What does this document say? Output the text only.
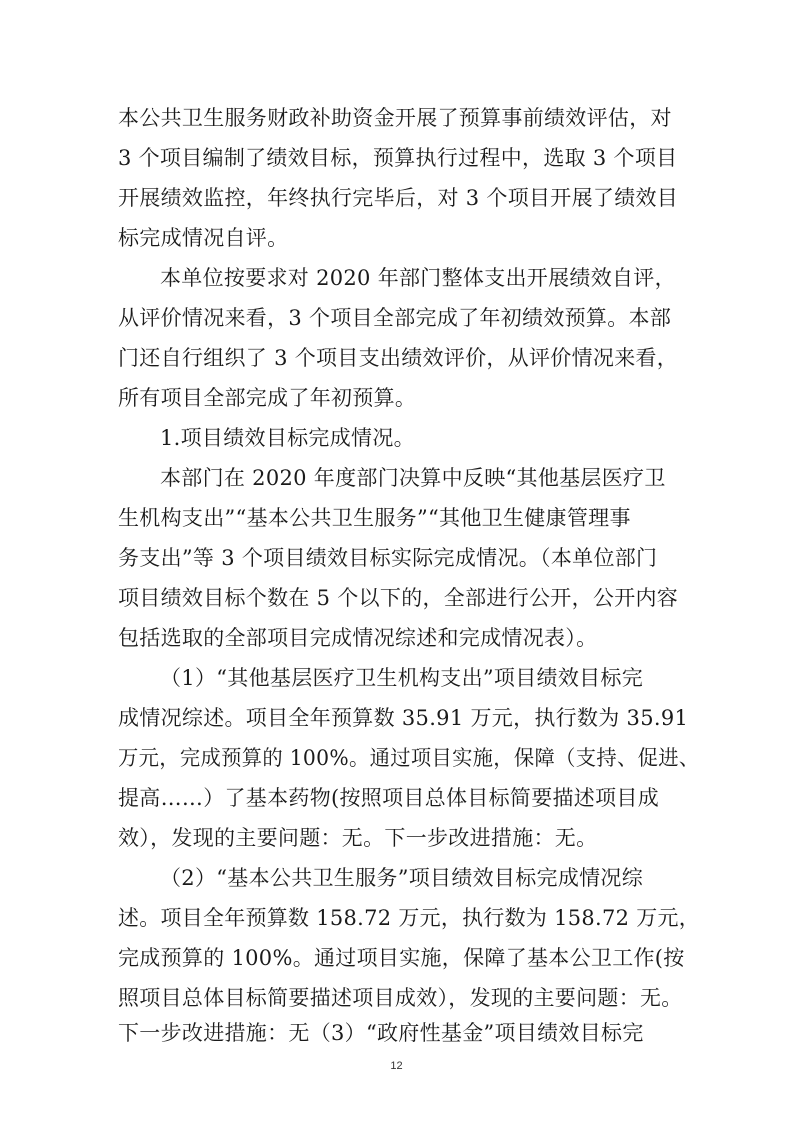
本公共卫生服务财政补助资金开展了预算事前绩效评估，对
3 个项目编制了绩效目标，预算执行过程中，选取 3 个项目
开展绩效监控，年终执行完毕后，对 3 个项目开展了绩效目
标完成情况自评。
本单位按要求对 2020 年部门整体支出开展绩效自评，
从评价情况来看，3 个项目全部完成了年初绩效预算。本部
门还自行组织了 3 个项目支出绩效评价，从评价情况来看，
所有项目全部完成了年初预算。
1.项目绩效目标完成情况。
本部门在 2020 年度部门决算中反映“其他基层医疗卫
生机构支出”“基本公共卫生服务”“其他卫生健康管理事
务支出”等 3 个项目绩效目标实际完成情况。（本单位部门
项目绩效目标个数在 5 个以下的，全部进行公开，公开内容
包括选取的全部项目完成情况综述和完成情况表）。
（1）“其他基层医疗卫生机构支出”项目绩效目标完
成情况综述。项目全年预算数 35.91 万元，执行数为 35.91
万元，完成预算的 100%。通过项目实施，保障（支持、促进、
提高……）了基本药物(按照项目总体目标简要描述项目成
效），发现的主要问题：无。下一步改进措施：无。
（2）“基本公共卫生服务”项目绩效目标完成情况综
述。项目全年预算数 158.72 万元，执行数为 158.72 万元，
完成预算的 100%。通过项目实施，保障了基本公卫工作(按
照项目总体目标简要描述项目成效），发现的主要问题：无。
12
下一步改进措施：无（3）“政府性基金”项目绩效目标完
